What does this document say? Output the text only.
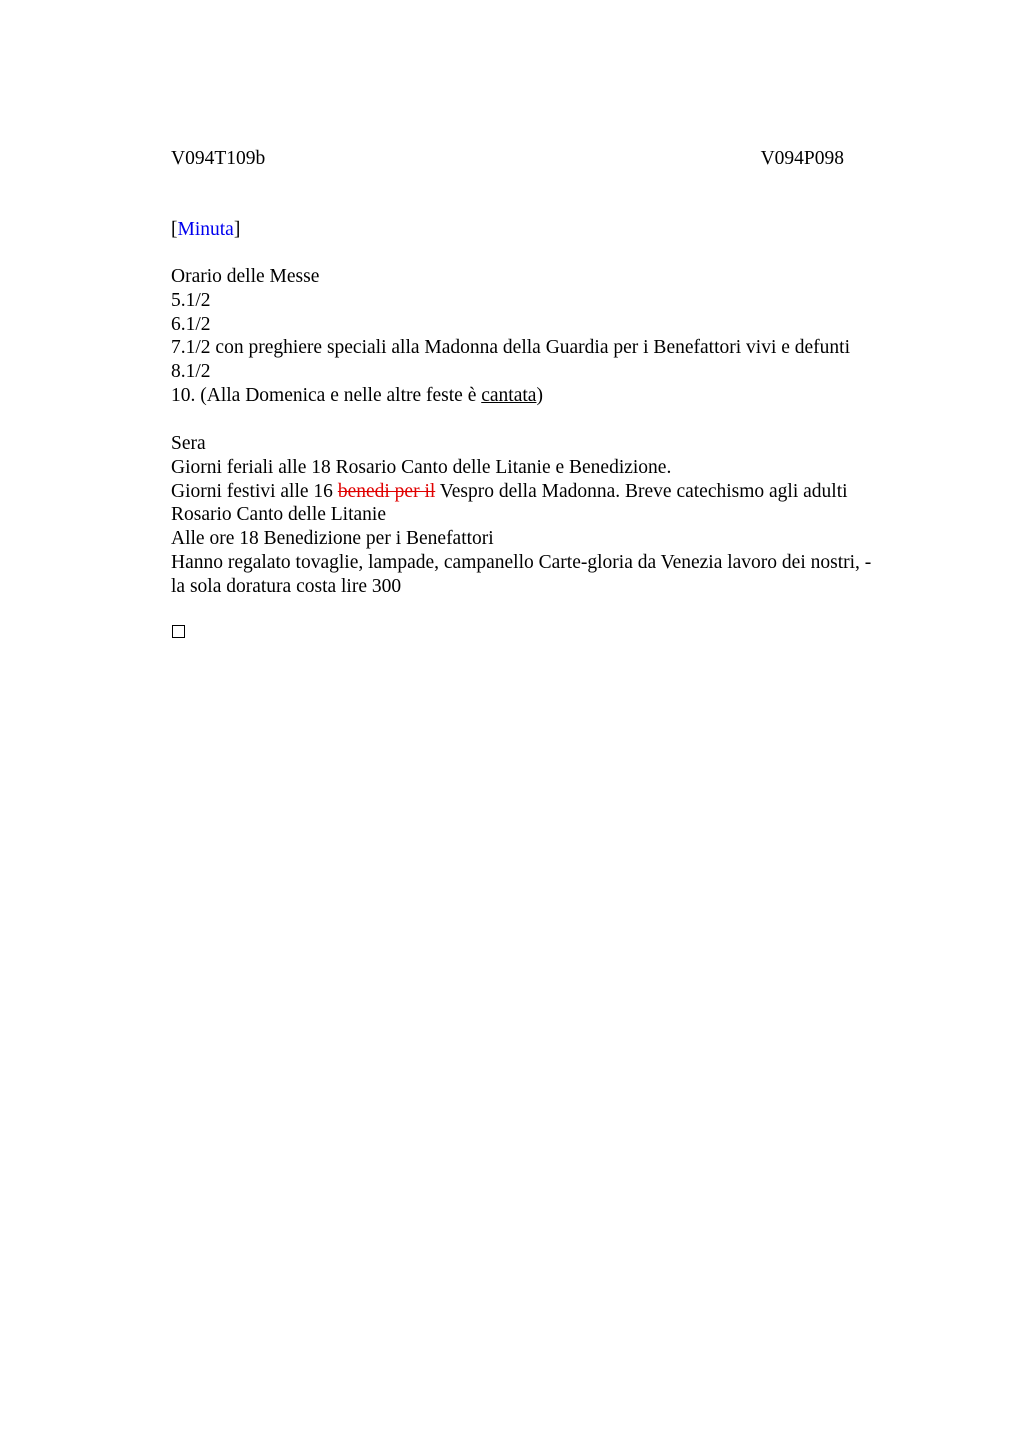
V094T109b	V094P098
[Minuta]
Orario delle Messe
5.1/2
6.1/2
7.1/2 con preghiere speciali alla Madonna della Guardia per i Benefattori vivi e defunti
8.1/2
10. (Alla Domenica e nelle altre feste è cantata)
Sera
Giorni feriali alle 18 Rosario Canto delle Litanie e Benedizione.
Giorni festivi alle 16 benedi per il Vespro della Madonna. Breve catechismo agli adulti
Rosario Canto delle Litanie
Alle ore 18 Benedizione per i Benefattori
Hanno regalato tovaglie, lampade, campanello Carte-gloria da Venezia lavoro dei nostri, -
la sola doratura costa lire 300
